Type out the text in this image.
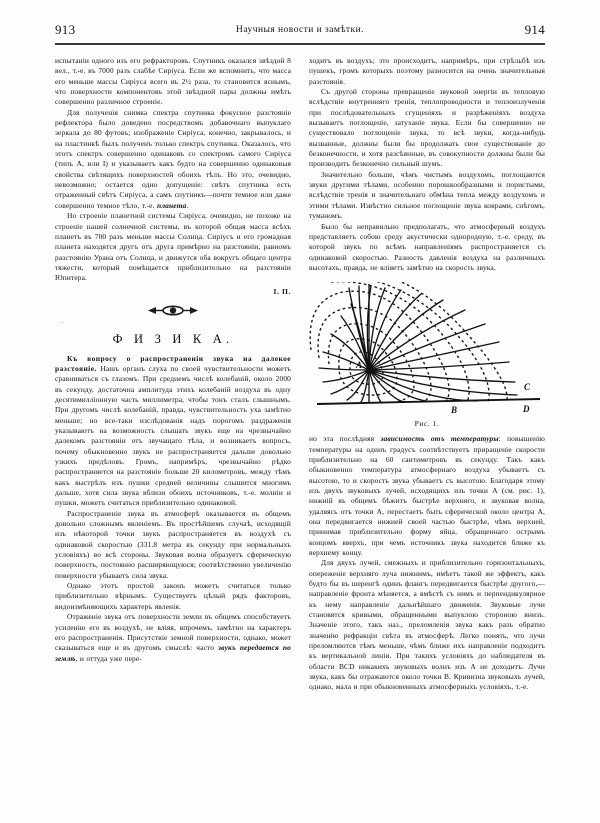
913	Научныя новости и замѣтки.	914

испытаніи одного изъ его рефракторовъ. Спутникъ оказался звѣздой 8 вел., т.-е. въ 7000 разъ слабѣе Сиріуса. Если же вспомнить, что масса его меньше массы Сиріуса всего въ 2½ раза, то становится яснымъ, что поверхности компонентовъ этой звѣздной пары должны имѣть совершенно различное строеніе.

Для полученія снимка спектра спутника фокусное разстояніе рефлектора было доведено посредствомъ добавочнаго выпуклаго зеркала до 80 футовъ; изображеніе Сиріуса, конечно, закрывалось, и на пластинкѣ былъ полученъ только спектръ спутника. Оказалось, что этотъ спектръ совершенно одинаковъ со спектромъ самого Сиріуса (типъ А, или I) и указываетъ какъ будто на совершенно одинаковыя свойства свѣтящихъ поверхностей обоихъ тѣлъ. Но это, очевидно, невозможно; остается одно допущеніе: свѣтъ спутника есть отраженный свѣтъ Сиріуса, а самъ спутникъ—почти темное или даже совершенно темное тѣло, т.-е. планета.

Но строеніе планетной системы Сиріуса, очевидно, не похоже на строеніе нашей солнечной системы, въ которой общая масса всѣхъ планетъ въ 700 разъ меньше массы Солнца. Сиріусъ и его громадная планета находятся другъ отъ друга примѣрно на разстояніи, равномъ разстоянію Урана отъ Солнца, и движутся оба вокругъ общаго центра тяжести, который помѣщается приблизительно на разстояніи Юпитера.

I. П.
·
Ф И З И К А.

Къ вопросу о распространеніи звука на далекое разстояніе. Нашъ органъ слуха по своей чувствительности можетъ сравниваться съ глазомъ. При среднемъ числѣ колебаній, около 2000 въ секунду, достаточна амплитуда этихъ колебаній воздуха въ одну десятимилліонную часть миллиметра, чтобы тонъ сталъ слышнымъ. При другомъ числѣ колебаній, правда, чувствительность уха замѣтно меньше; но все-таки изслѣдованія надъ порогомъ раздраженія указываютъ на возможность слышать звукъ еще на чрезвычайно далекомъ разстояніи отъ звучащаго тѣла, и возникаетъ вопросъ, почему обыкновенно звукъ не распространяется дальше довольно узкихъ предѣловъ. Громъ, напримѣръ, чрезвычайно рѣдко распространяется на разстояніе больше 20 километровъ, между тѣмъ какъ выстрѣлъ изъ пушки средней величины слышится многимъ дальше, хотя сила звука вблизи обоихъ источниковъ, т.-е. молніи и пушки, можетъ считаться приблизительно одинаковой.

Распространеніе звука въ атмосферѣ оказывается въ общемъ довольно сложнымъ явленіемъ. Въ простѣйшемъ случаѣ, исходящій изъ нѣкоторой точки звукъ распространяется въ воздухѣ съ одинаковой скоростью (331.8 метра въ секунду при нормальныхъ условіяхъ) во всѣ стороны. Звуковая волна образуетъ сферическую поверхность, постоянно расширяющуюся; соотвѣтственно увеличенію поверхности убываетъ сила звука.

Однако этотъ простой законъ можетъ считаться только приблизительно вѣрнымъ. Существуетъ цѣлый рядъ факторовъ, видоизмѣняющихъ характеръ явленія.

Отраженіе звука отъ поверхности земли въ общемъ способствуетъ усиленію его въ воздухѣ, не вліяя, впрочемъ, замѣтно на характеръ его распространенія. Присутствіе земной поверхности, однако, может сказываться еще и въ другомъ смыслѣ: часто звукъ передается по землѣ, и оттуда уже пере-

ходитъ въ воздухъ; это происходитъ, напримѣръ, при стрѣльбѣ изъ пушекъ, громъ которыхъ поэтому разносится на очень значительныя разстоянія.

Съ другой стороны превращеніе звуковой энергіи въ тепловую вслѣдствіе внутренняго тренія, теплопроводности и теплоизлученія при послѣдовательныхъ сгущеніяхъ и разрѣженіяхъ воздуха вызываетъ поглощеніе, затуханіе звука. Если бы совершенно не существовало поглощеніе звука, то всѣ звуки, когда-нибудь вызванные, должны были бы продолжать свое существованіе до безконечности, и хотя разсѣянные, въ совокупности должны были бы производить безконечно сильный шумъ.

Значительно больше, чѣмъ чистымъ воздухомъ, поглощаются звуки другими тѣлами, особенно порошкообразными и пористыми, вслѣдствіе тренія и значительнаго обмѣна тепла между воздухомъ и этими тѣлами. Извѣстно сильное поглощеніе звука коврами, снѣгомъ, туманомъ.

Было бы неправильно предполагать, что атмосферный воздухъ представляетъ собою среду акустически однородную, т.-е. среду, въ которой звукъ по всѣмъ направленіямъ распространяется съ одинаковой скоростью. Разность давленія воздуха на различныхъ высотахъ, правда, не вліяетъ замѣтно на скорость звука,

A
B
C
D
Рис. 1.

но эта послѣдняя зависимость отъ температуры: повышенію температуры на одинъ градусъ соотвѣтствуетъ приращеніе скорости приблизительно на 60 сантиметровъ въ секунду. Такъ какъ обыкновенно температура атмосфернаго воздуха убываетъ съ высотою, то и скорость звука убываетъ съ высотою. Благодаря этому изъ двухъ звуковыхъ лучей, исходящихъ изъ точки А (см. рис. 1), нижній въ общемъ бѣжитъ быстрѣе верхняго, и звуковая волна, удаляясь отъ точки А, перестаетъ быть сферической около центра А, она передвигается нижней своей частью быстрѣе, чѣмъ верхней, принимая приблизительно форму яйца, обращеннаго острымъ концомъ вверхъ, при чемъ источникъ звука находится ближе къ верхнему концу.

Для двухъ лучей, смежныхъ и приблизительно горизонтальныхъ, опереженіе верхняго луча нижнимъ, имѣетъ такой же эффектъ, какъ будто бы въ шеренгѣ одинъ флангъ передвигается быстрѣе другого,— направленіе фронта мѣняется, а вмѣстѣ съ нимъ и перпендикулярное къ нему направленіе дальнѣйшаго движенія. Звуковые лучи становятся кривыми, обращенными выпуклою стороною внизъ. Значеніе этого, такъ наз., преломленія звука какъ разъ обратно значенію рефракціи свѣта въ атмосферѣ. Легко понять, что лучи преломляются тѣмъ меньше, чѣмъ ближе ихъ направленіе подходитъ къ вертикальной линіи. При такихъ условіяхъ до наблюдателя въ области BCD никакихъ звуковыхъ волнъ изъ А не доходитъ. Лучи звука, какъ бы отражаются около точки В. Кривизна звуковыхъ лучей, однако, мала и при обыкновенныхъ атмосферныхъ условіяхъ, т.-е.
